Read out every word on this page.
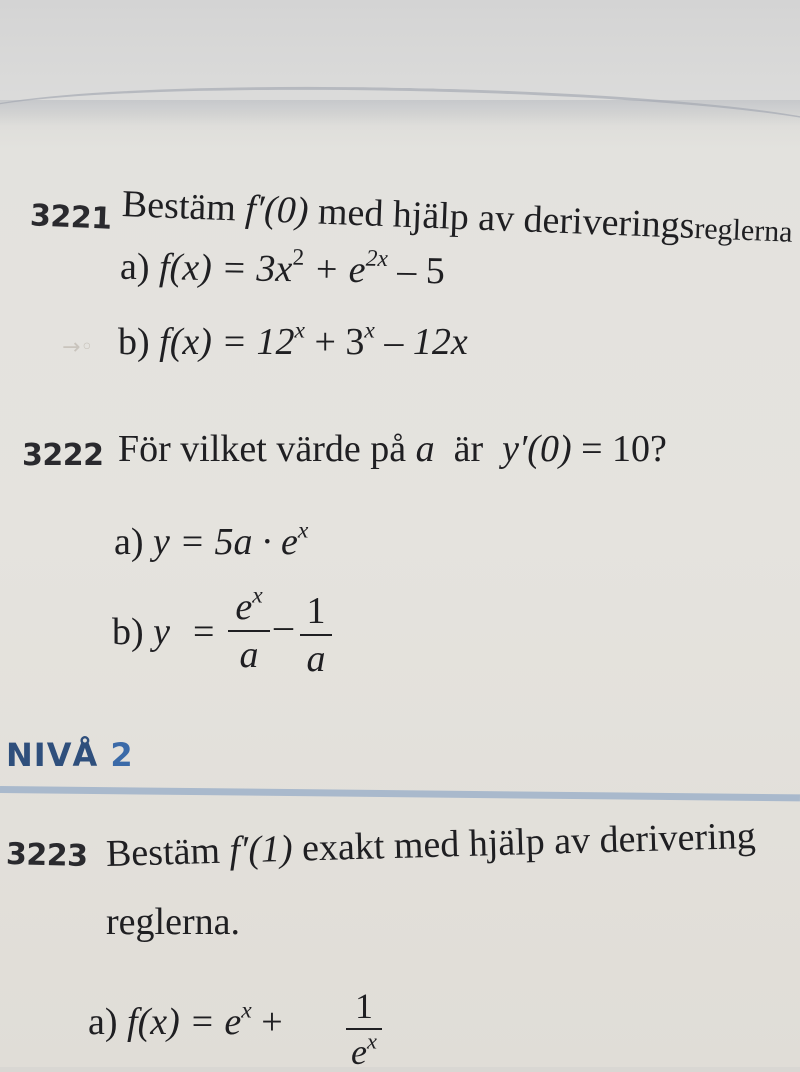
3221 Bestäm f′(0) med hjälp av deriveringsreglerna
a) $f(x) = 3x^2 + e^{2x} - 5$
→◦ b) $f(x) = 12^x + 3^x - 12x$
3222 För vilket värde på a  är  y′(0) = 10?
a) $y = 5a \cdot e^x$
b) y =
$e^x$
a
– 1
a
NIVÅ 2
3223 Bestäm f′(1) exakt med hjälp av derivering
reglerna.
a) $f(x) = e^x + 1$
$e^x$
